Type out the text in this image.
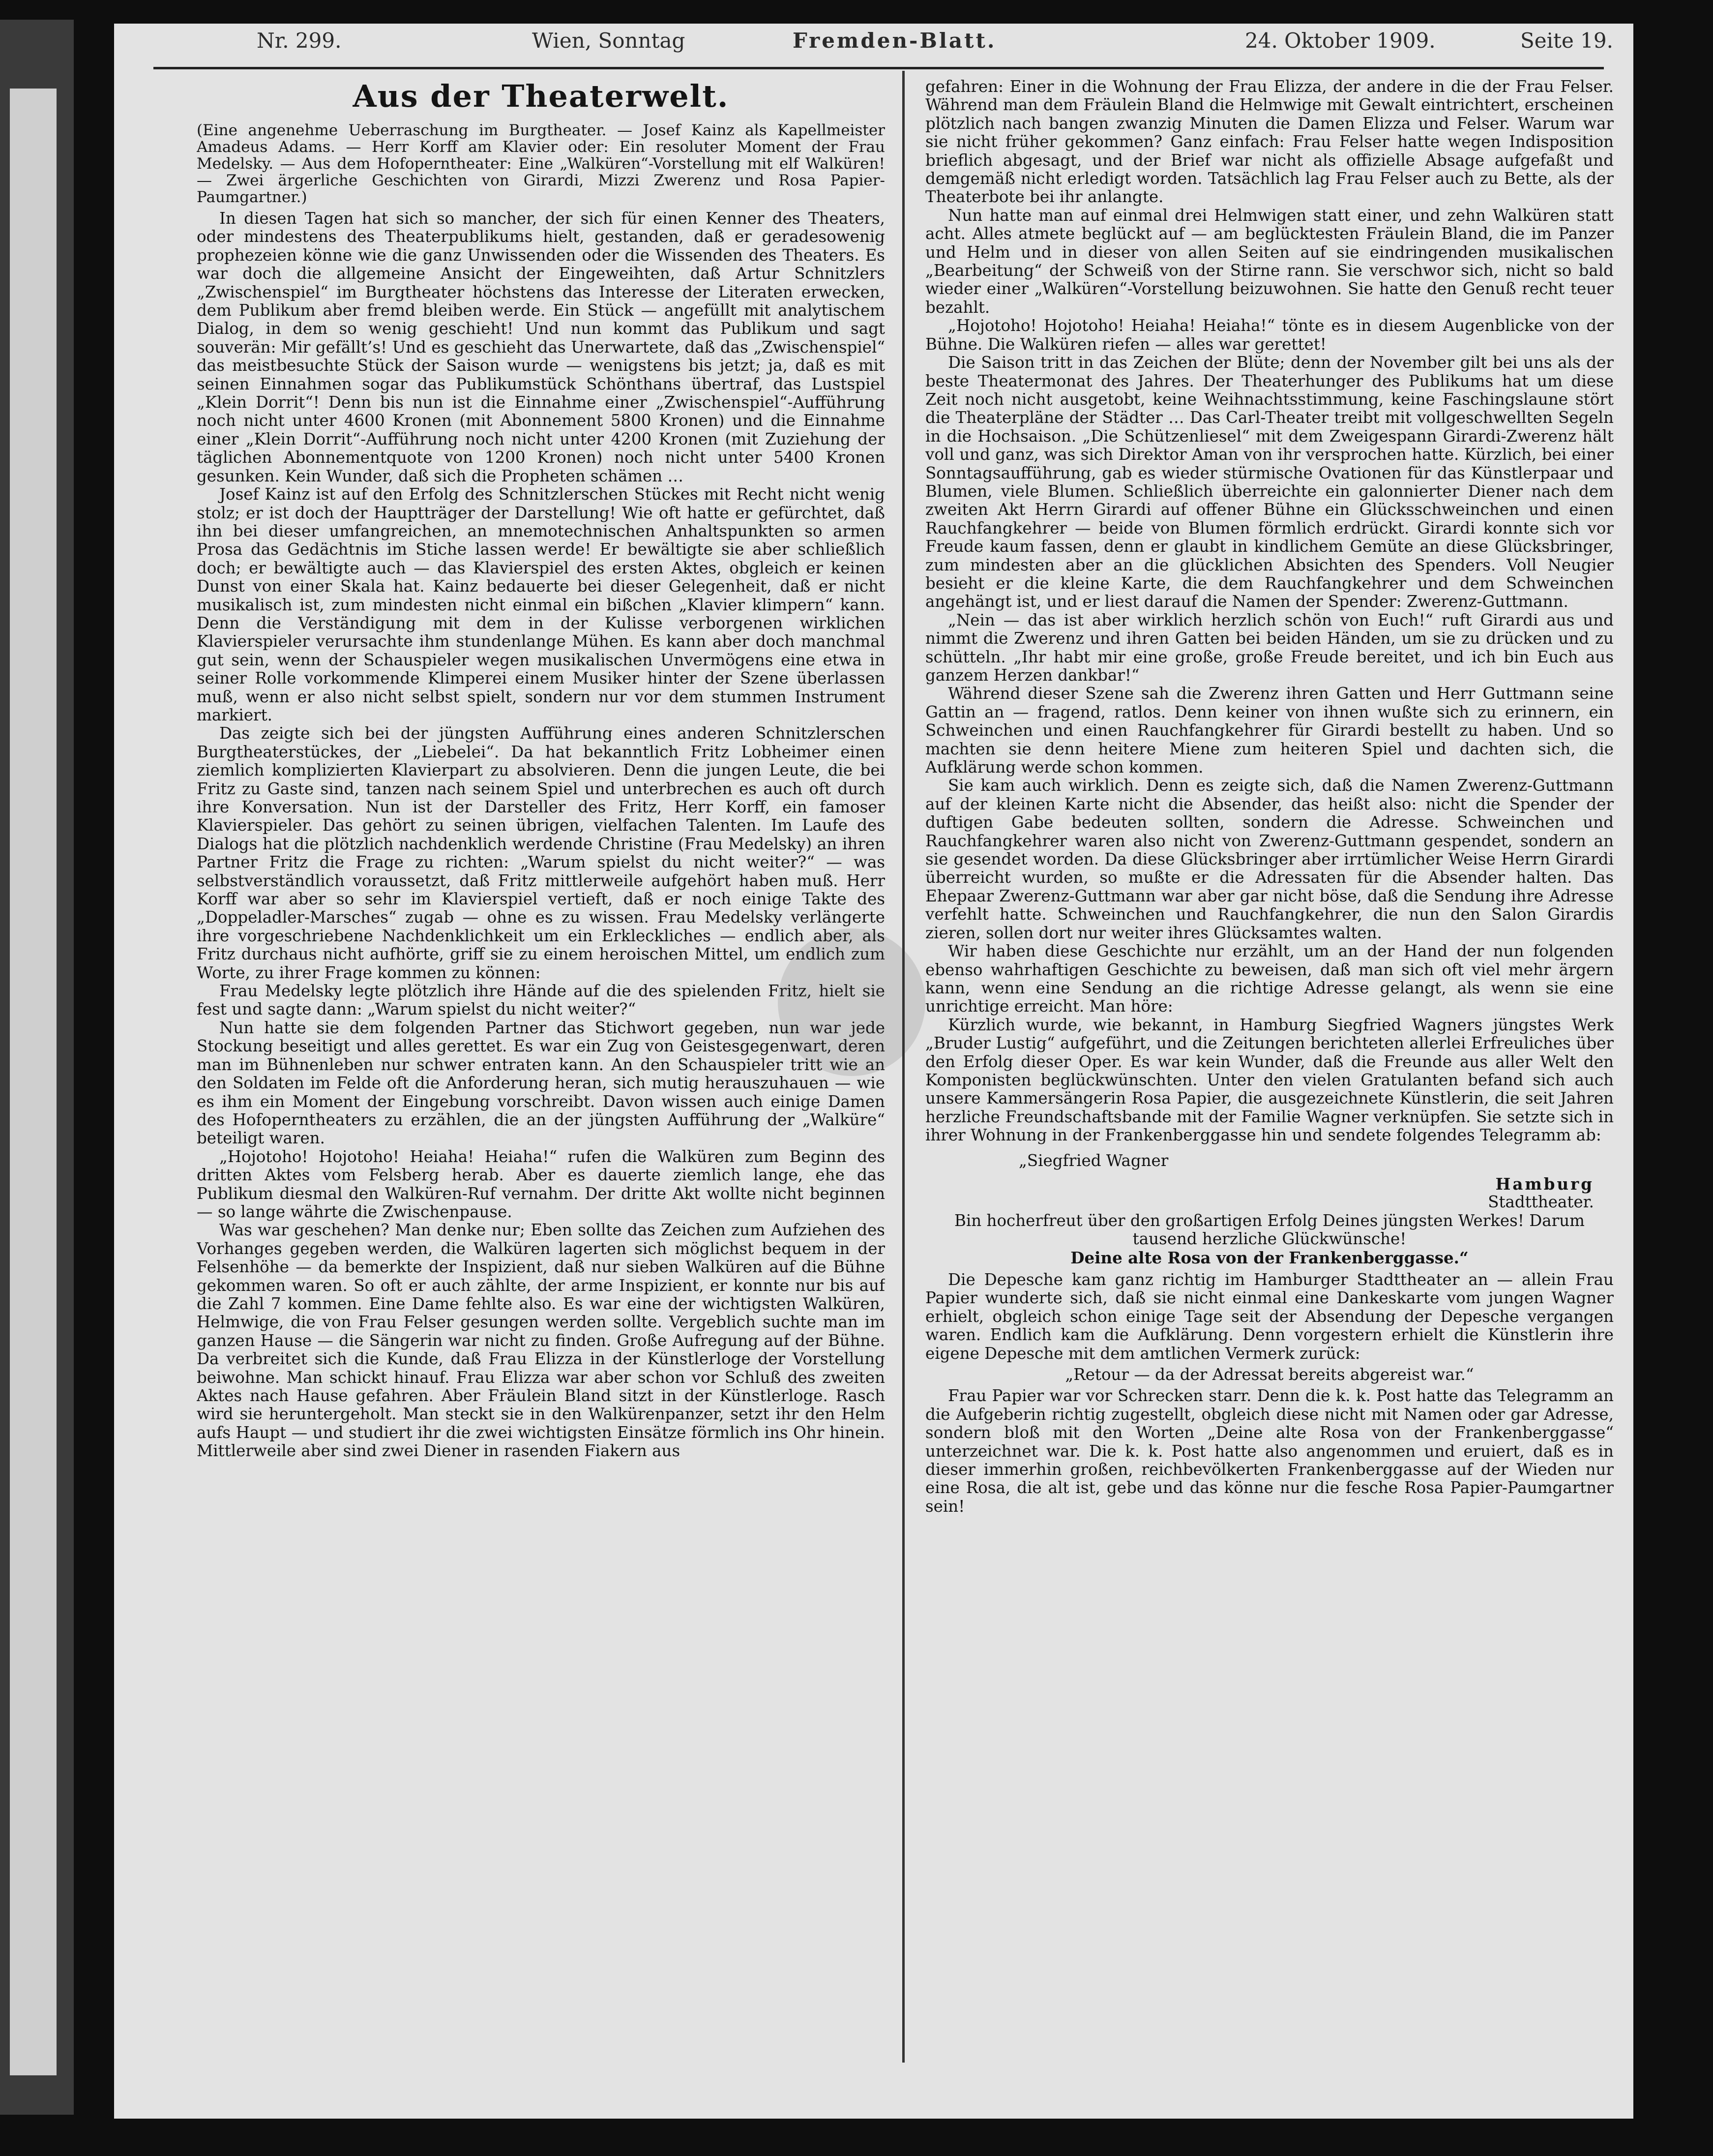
Nr. 299.	Wien, Sonntag	Fremden-Blatt.	24. Oktober 1909.	Seite 19.
Aus der Theaterwelt.

(Eine angenehme Ueberraschung im Burgtheater. — Josef Kainz als Kapellmeister Amadeus Adams. — Herr Korff am Klavier oder: Ein resoluter Moment der Frau Medelsky. — Aus dem Hofoperntheater: Eine „Walküren“-Vorstellung mit elf Walküren! — Zwei ärgerliche Geschichten von Girardi, Mizzi Zwerenz und Rosa Papier-Paumgartner.)

In diesen Tagen hat sich so mancher, der sich für einen Kenner des Theaters, oder mindestens des Theaterpublikums hielt, gestanden, daß er geradesowenig prophezeien könne wie die ganz Unwissenden oder die Wissenden des Theaters. Es war doch die allgemeine Ansicht der Eingeweihten, daß Artur Schnitzlers „Zwischenspiel“ im Burgtheater höchstens das Interesse der Literaten erwecken, dem Publikum aber fremd bleiben werde. Ein Stück — angefüllt mit analytischem Dialog, in dem so wenig geschieht! Und nun kommt das Publikum und sagt souverän: Mir gefällt’s! Und es geschieht das Unerwartete, daß das „Zwischenspiel“ das meistbesuchte Stück der Saison wurde — wenigstens bis jetzt; ja, daß es mit seinen Einnahmen sogar das Publikumstück Schönthans übertraf, das Lustspiel „Klein Dorrit“! Denn bis nun ist die Einnahme einer „Zwischenspiel“-Aufführung noch nicht unter 4600 Kronen (mit Abonnement 5800 Kronen) und die Einnahme einer „Klein Dorrit“-Aufführung noch nicht unter 4200 Kronen (mit Zuziehung der täglichen Abonnementquote von 1200 Kronen) noch nicht unter 5400 Kronen gesunken. Kein Wunder, daß sich die Propheten schämen …

Josef Kainz ist auf den Erfolg des Schnitzlerschen Stückes mit Recht nicht wenig stolz; er ist doch der Hauptträger der Darstellung! Wie oft hatte er gefürchtet, daß ihn bei dieser umfangreichen, an mnemotechnischen Anhaltspunkten so armen Prosa das Gedächtnis im Stiche lassen werde! Er bewältigte sie aber schließlich doch; er bewältigte auch — das Klavierspiel des ersten Aktes, obgleich er keinen Dunst von einer Skala hat. Kainz bedauerte bei dieser Gelegenheit, daß er nicht musikalisch ist, zum mindesten nicht einmal ein bißchen „Klavier klimpern“ kann. Denn die Verständigung mit dem in der Kulisse verborgenen wirklichen Klavierspieler verursachte ihm stundenlange Mühen. Es kann aber doch manchmal gut sein, wenn der Schauspieler wegen musikalischen Unvermögens eine etwa in seiner Rolle vorkommende Klimperei einem Musiker hinter der Szene überlassen muß, wenn er also nicht selbst spielt, sondern nur vor dem stummen Instrument markiert.

Das zeigte sich bei der jüngsten Aufführung eines anderen Schnitzlerschen Burgtheaterstückes, der „Liebelei“. Da hat bekanntlich Fritz Lobheimer einen ziemlich komplizierten Klavierpart zu absolvieren. Denn die jungen Leute, die bei Fritz zu Gaste sind, tanzen nach seinem Spiel und unterbrechen es auch oft durch ihre Konversation. Nun ist der Darsteller des Fritz, Herr Korff, ein famoser Klavierspieler. Das gehört zu seinen übrigen, vielfachen Talenten. Im Laufe des Dialogs hat die plötzlich nachdenklich werdende Christine (Frau Medelsky) an ihren Partner Fritz die Frage zu richten: „Warum spielst du nicht weiter?“ — was selbstverständlich voraussetzt, daß Fritz mittlerweile aufgehört haben muß. Herr Korff war aber so sehr im Klavierspiel vertieft, daß er noch einige Takte des „Doppeladler-Marsches“ zugab — ohne es zu wissen. Frau Medelsky verlängerte ihre vorgeschriebene Nachdenklichkeit um ein Erkleckliches — endlich aber, als Fritz durchaus nicht aufhörte, griff sie zu einem heroischen Mittel, um endlich zum Worte, zu ihrer Frage kommen zu können:

Frau Medelsky legte plötzlich ihre Hände auf die des spielenden Fritz, hielt sie fest und sagte dann: „Warum spielst du nicht weiter?“

Nun hatte sie dem folgenden Partner das Stichwort gegeben, nun war jede Stockung beseitigt und alles gerettet. Es war ein Zug von Geistesgegenwart, deren man im Bühnenleben nur schwer entraten kann. An den Schauspieler tritt wie an den Soldaten im Felde oft die Anforderung heran, sich mutig herauszuhauen — wie es ihm ein Moment der Eingebung vorschreibt. Davon wissen auch einige Damen des Hofoperntheaters zu erzählen, die an der jüngsten Aufführung der „Walküre“ beteiligt waren.

„Hojotoho! Hojotoho! Heiaha! Heiaha!“ rufen die Walküren zum Beginn des dritten Aktes vom Felsberg herab. Aber es dauerte ziemlich lange, ehe das Publikum diesmal den Walküren-Ruf vernahm. Der dritte Akt wollte nicht beginnen — so lange währte die Zwischenpause.

Was war geschehen? Man denke nur; Eben sollte das Zeichen zum Aufziehen des Vorhanges gegeben werden, die Walküren lagerten sich möglichst bequem in der Felsenhöhe — da bemerkte der Inspizient, daß nur sieben Walküren auf die Bühne gekommen waren. So oft er auch zählte, der arme Inspizient, er konnte nur bis auf die Zahl 7 kommen. Eine Dame fehlte also. Es war eine der wichtigsten Walküren, Helmwige, die von Frau Felser gesungen werden sollte. Vergeblich suchte man im ganzen Hause — die Sängerin war nicht zu finden. Große Aufregung auf der Bühne. Da verbreitet sich die Kunde, daß Frau Elizza in der Künstlerloge der Vorstellung beiwohne. Man schickt hinauf. Frau Elizza war aber schon vor Schluß des zweiten Aktes nach Hause gefahren. Aber Fräulein Bland sitzt in der Künstlerloge. Rasch wird sie heruntergeholt. Man steckt sie in den Walkürenpanzer, setzt ihr den Helm aufs Haupt — und studiert ihr die zwei wichtigsten Einsätze förmlich ins Ohr hinein. Mittlerweile aber sind zwei Diener in rasenden Fiakern aus

gefahren: Einer in die Wohnung der Frau Elizza, der andere in die der Frau Felser. Während man dem Fräulein Bland die Helmwige mit Gewalt eintrichtert, erscheinen plötzlich nach bangen zwanzig Minuten die Damen Elizza und Felser. Warum war sie nicht früher gekommen? Ganz einfach: Frau Felser hatte wegen Indisposition brieflich abgesagt, und der Brief war nicht als offizielle Absage aufgefaßt und demgemäß nicht erledigt worden. Tatsächlich lag Frau Felser auch zu Bette, als der Theaterbote bei ihr anlangte.

Nun hatte man auf einmal drei Helmwigen statt einer, und zehn Walküren statt acht. Alles atmete beglückt auf — am beglücktesten Fräulein Bland, die im Panzer und Helm und in dieser von allen Seiten auf sie eindringenden musikalischen „Bearbeitung“ der Schweiß von der Stirne rann. Sie verschwor sich, nicht so bald wieder einer „Walküren“-Vorstellung beizuwohnen. Sie hatte den Genuß recht teuer bezahlt.

„Hojotoho! Hojotoho! Heiaha! Heiaha!“ tönte es in diesem Augenblicke von der Bühne. Die Walküren riefen — alles war gerettet!

Die Saison tritt in das Zeichen der Blüte; denn der November gilt bei uns als der beste Theatermonat des Jahres. Der Theaterhunger des Publikums hat um diese Zeit noch nicht ausgetobt, keine Weihnachtsstimmung, keine Faschingslaune stört die Theaterpläne der Städter … Das Carl-Theater treibt mit vollgeschwellten Segeln in die Hochsaison. „Die Schützenliesel“ mit dem Zweigespann Girardi-Zwerenz hält voll und ganz, was sich Direktor Aman von ihr versprochen hatte. Kürzlich, bei einer Sonntagsaufführung, gab es wieder stürmische Ovationen für das Künstlerpaar und Blumen, viele Blumen. Schließlich überreichte ein galonnierter Diener nach dem zweiten Akt Herrn Girardi auf offener Bühne ein Glücksschweinchen und einen Rauchfangkehrer — beide von Blumen förmlich erdrückt. Girardi konnte sich vor Freude kaum fassen, denn er glaubt in kindlichem Gemüte an diese Glücksbringer, zum mindesten aber an die glücklichen Absichten des Spenders. Voll Neugier besieht er die kleine Karte, die dem Rauchfangkehrer und dem Schweinchen angehängt ist, und er liest darauf die Namen der Spender: Zwerenz-Guttmann.

„Nein — das ist aber wirklich herzlich schön von Euch!“ ruft Girardi aus und nimmt die Zwerenz und ihren Gatten bei beiden Händen, um sie zu drücken und zu schütteln. „Ihr habt mir eine große, große Freude bereitet, und ich bin Euch aus ganzem Herzen dankbar!“

Während dieser Szene sah die Zwerenz ihren Gatten und Herr Guttmann seine Gattin an — fragend, ratlos. Denn keiner von ihnen wußte sich zu erinnern, ein Schweinchen und einen Rauchfangkehrer für Girardi bestellt zu haben. Und so machten sie denn heitere Miene zum heiteren Spiel und dachten sich, die Aufklärung werde schon kommen.

Sie kam auch wirklich. Denn es zeigte sich, daß die Namen Zwerenz-Guttmann auf der kleinen Karte nicht die Absender, das heißt also: nicht die Spender der duftigen Gabe bedeuten sollten, sondern die Adresse. Schweinchen und Rauchfangkehrer waren also nicht von Zwerenz-Guttmann gespendet, sondern an sie gesendet worden. Da diese Glücksbringer aber irrtümlicher Weise Herrn Girardi überreicht wurden, so mußte er die Adressaten für die Absender halten. Das Ehepaar Zwerenz-Guttmann war aber gar nicht böse, daß die Sendung ihre Adresse verfehlt hatte. Schweinchen und Rauchfangkehrer, die nun den Salon Girardis zieren, sollen dort nur weiter ihres Glücksamtes walten.

Wir haben diese Geschichte nur erzählt, um an der Hand der nun folgenden ebenso wahrhaftigen Geschichte zu beweisen, daß man sich oft viel mehr ärgern kann, wenn eine Sendung an die richtige Adresse gelangt, als wenn sie eine unrichtige erreicht. Man höre:

Kürzlich wurde, wie bekannt, in Hamburg Siegfried Wagners jüngstes Werk „Bruder Lustig“ aufgeführt, und die Zeitungen berichteten allerlei Erfreuliches über den Erfolg dieser Oper. Es war kein Wunder, daß die Freunde aus aller Welt den Komponisten beglückwünschten. Unter den vielen Gratulanten befand sich auch unsere Kammersängerin Rosa Papier, die ausgezeichnete Künstlerin, die seit Jahren herzliche Freundschaftsbande mit der Familie Wagner verknüpfen. Sie setzte sich in ihrer Wohnung in der Frankenberggasse hin und sendete folgendes Telegramm ab:

„Siegfried Wagner

Hamburg

Stadttheater.

Bin hocherfreut über den großartigen Erfolg Deines jüngsten Werkes! Darum tausend herzliche Glückwünsche!

Deine alte Rosa von der Frankenberggasse.“

Die Depesche kam ganz richtig im Hamburger Stadttheater an — allein Frau Papier wunderte sich, daß sie nicht einmal eine Dankeskarte vom jungen Wagner erhielt, obgleich schon einige Tage seit der Absendung der Depesche vergangen waren. Endlich kam die Aufklärung. Denn vorgestern erhielt die Künstlerin ihre eigene Depesche mit dem amtlichen Vermerk zurück:

„Retour — da der Adressat bereits abgereist war.“

Frau Papier war vor Schrecken starr. Denn die k. k. Post hatte das Telegramm an die Aufgeberin richtig zugestellt, obgleich diese nicht mit Namen oder gar Adresse, sondern bloß mit den Worten „Deine alte Rosa von der Frankenberggasse“ unterzeichnet war. Die k. k. Post hatte also angenommen und eruiert, daß es in dieser immerhin großen, reichbevölkerten Frankenberggasse auf der Wieden nur eine Rosa, die alt ist, gebe und das könne nur die fesche Rosa Papier-Paumgartner sein!
